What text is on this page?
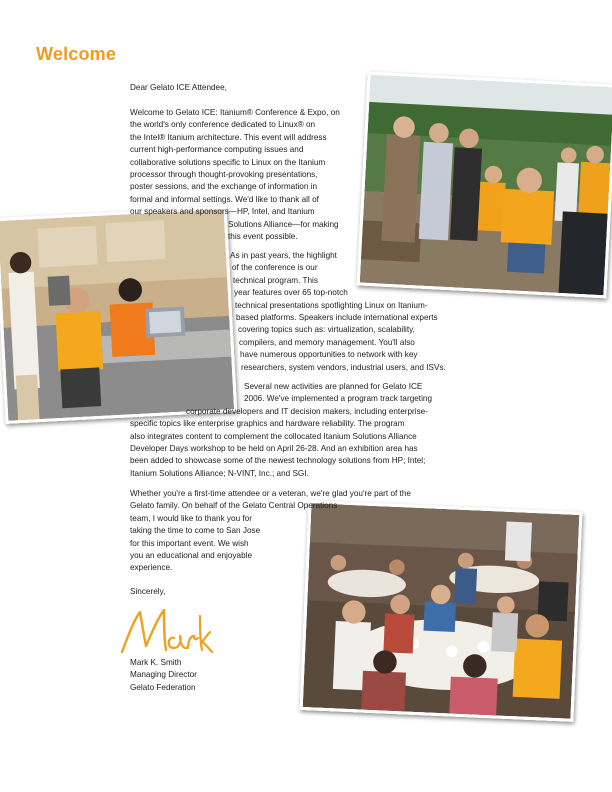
Welcome
Dear Gelato ICE Attendee,
Welcome to Gelato ICE: Itanium® Conference & Expo, on
the world's only conference dedicated to Linux® on
the Intel® Itanium architecture. This event will address
current high-performance computing issues and
collaborative solutions specific to Linux on the Itanium
processor through thought-provoking presentations,
poster sessions, and the exchange of information in
formal and informal settings. We'd like to thank all of
our speakers and sponsors—HP, Intel, and Itanium
Solutions Alliance—for making
this event possible.
As in past years, the highlight
of the conference is our
technical program. This
year features over 65 top-notch
technical presentations spotlighting Linux on Itanium-
based platforms. Speakers include international experts
covering topics such as: virtualization, scalability,
compilers, and memory management. You'll also
have numerous opportunities to network with key
researchers, system vendors, industrial users, and ISVs.
Several new activities are planned for Gelato ICE
2006. We've implemented a program track targeting
corporate developers and IT decision makers, including enterprise-
specific topics like enterprise graphics and hardware reliability. The program
also integrates content to complement the collocated Itanium Solutions Alliance
Developer Days workshop to be held on April 26-28. And an exhibition area has
been added to showcase some of the newest technology solutions from HP; Intel;
Itanium Solutions Alliance; N-VINT, Inc.; and SGI.
Whether you're a first-time attendee or a veteran, we're glad you're part of the
Gelato family. On behalf of the Gelato Central Operations
team, I would like to thank you for
taking the time to come to San Jose
for this important event. We wish
you an educational and enjoyable
experience.
Sincerely,
Mark K. Smith
Managing Director
Gelato Federation
